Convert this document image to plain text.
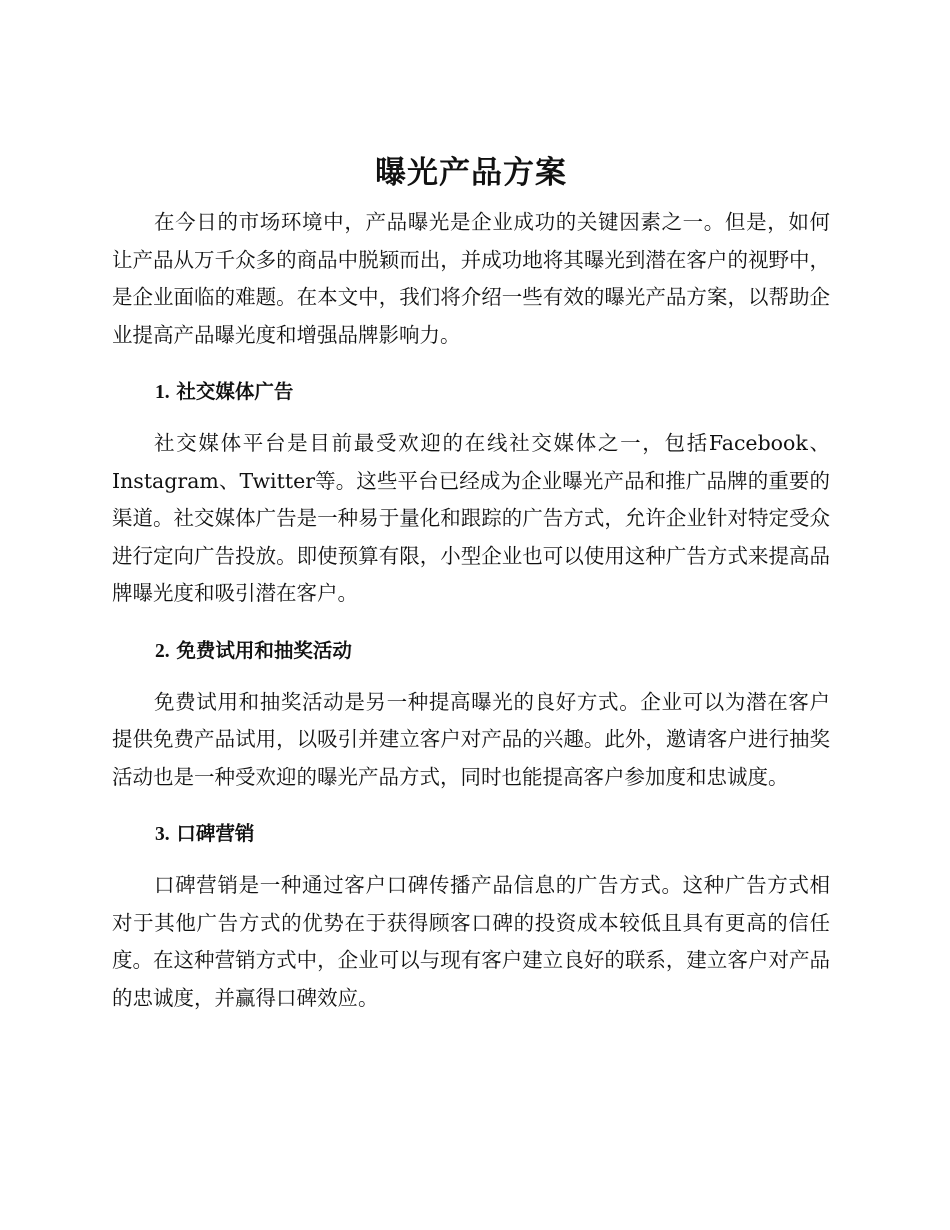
曝光产品方案

在今日的市场环境中，产品曝光是企业成功的关键因素之一。但是，如何让产品从万千众多的商品中脱颖而出，并成功地将其曝光到潜在客户的视野中，是企业面临的难题。在本文中，我们将介绍一些有效的曝光产品方案，以帮助企业提高产品曝光度和增强品牌影响力。

1. 社交媒体广告

社交媒体平台是目前最受欢迎的在线社交媒体之一，包括Facebook、Instagram、Twitter等。这些平台已经成为企业曝光产品和推广品牌的重要的渠道。社交媒体广告是一种易于量化和跟踪的广告方式，允许企业针对特定受众进行定向广告投放。即使预算有限，小型企业也可以使用这种广告方式来提高品牌曝光度和吸引潜在客户。

2. 免费试用和抽奖活动

免费试用和抽奖活动是另一种提高曝光的良好方式。企业可以为潜在客户提供免费产品试用，以吸引并建立客户对产品的兴趣。此外，邀请客户进行抽奖活动也是一种受欢迎的曝光产品方式，同时也能提高客户参加度和忠诚度。

3. 口碑营销

口碑营销是一种通过客户口碑传播产品信息的广告方式。这种广告方式相对于其他广告方式的优势在于获得顾客口碑的投资成本较低且具有更高的信任度。在这种营销方式中，企业可以与现有客户建立良好的联系，建立客户对产品的忠诚度，并赢得口碑效应。
